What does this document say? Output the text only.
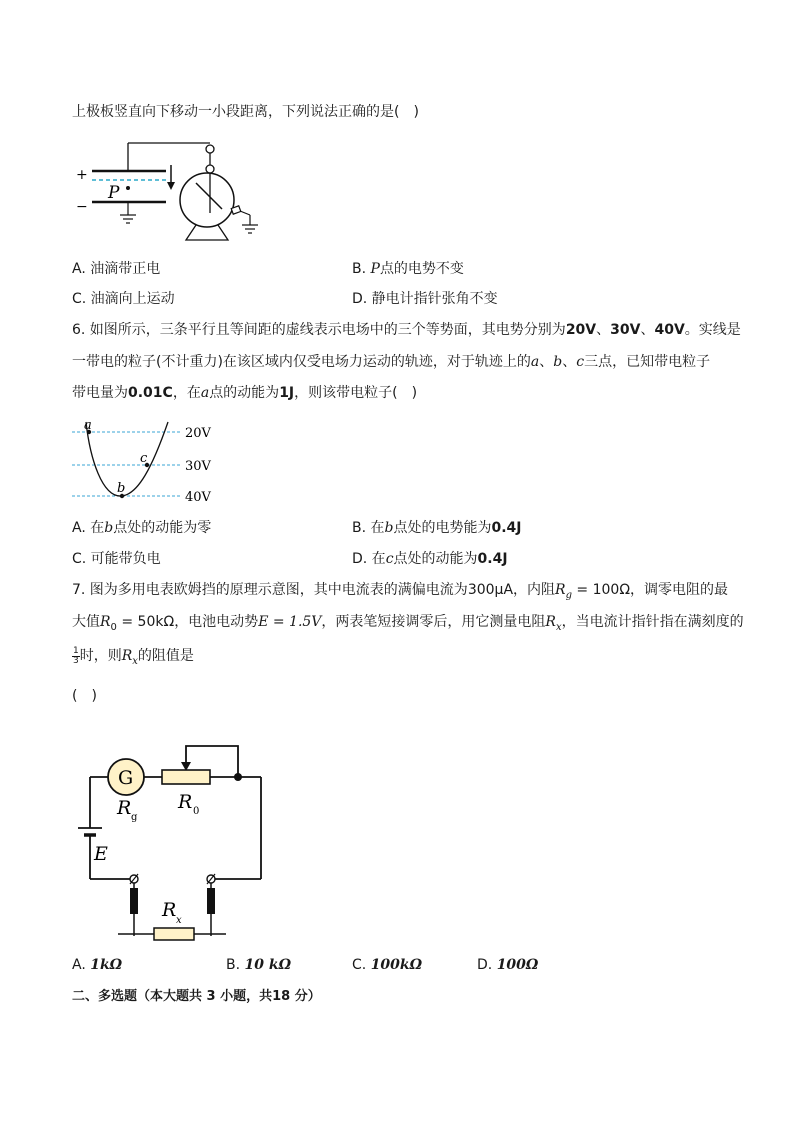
上极板竖直向下移动一小段距离，下列说法正确的是(　)
+
−
P
A. 油滴带正电	B. P点的电势不变
C. 油滴向上运动	D. 静电计指针张角不变
6. 如图所示，三条平行且等间距的虚线表示电场中的三个等势面，其电势分别为20V、30V、40V。实线是
一带电的粒子(不计重力)在该区域内仅受电场力运动的轨迹，对于轨迹上的a、b、c三点，已知带电粒子
带电量为0.01C，在a点的动能为1J，则该带电粒子(　)
a
b
c
20V
30V
40V
A. 在b点处的动能为零	B. 在b点处的电势能为0.4J
C. 可能带负电	D. 在c点处的动能为0.4J
7. 图为多用电表欧姆挡的原理示意图，其中电流表的满偏电流为300μA，内阻$R_g = 100\Omega$，调零电阻的最
大值$R_0 = 50k\Omega$，电池电动势E = 1.5V，两表笔短接调零后，用它测量电阻$R_x$，当电流计指针指在满刻度的
$\frac{1}{3}$ 时，则$R_x$的阻值是
(　)
G
R g
R 0
E
R x
A. 1kΩ	B. 10 kΩ	C. 100kΩ	D. 100Ω
二、多选题（本大题共 3 小题，共18 分）
